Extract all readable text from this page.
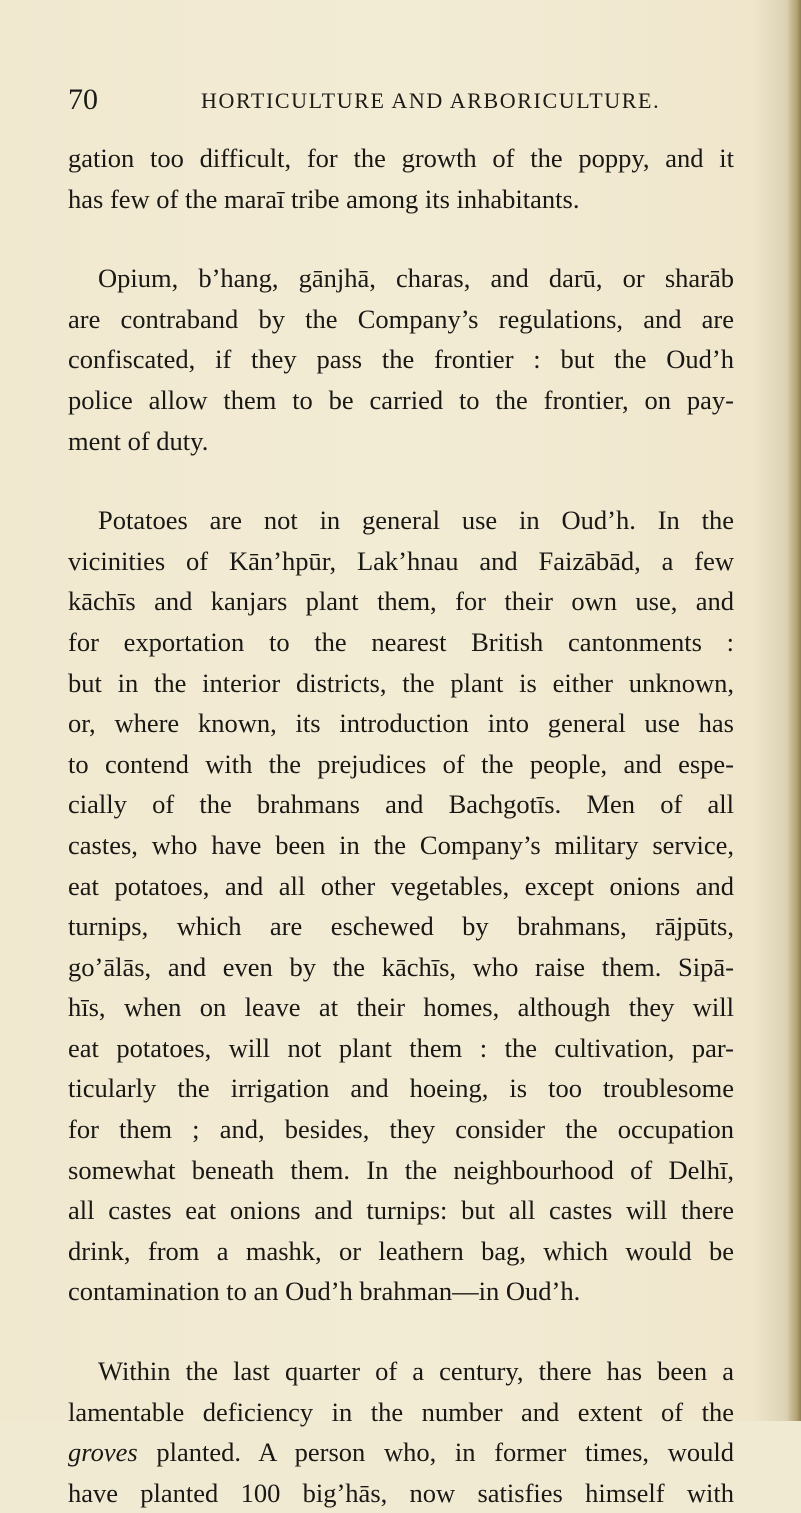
70	HORTICULTURE AND ARBORICULTURE.

gation too difficult, for the growth of the poppy, and it
has few of the maraī tribe among its inhabitants.

Opium, b’hang, gānjhā, charas, and darū, or sharāb
are contraband by the Company’s regulations, and are
confiscated, if they pass the frontier : but the Oud’h
police allow them to be carried to the frontier, on pay-
ment of duty.

Potatoes are not in general use in Oud’h. In the
vicinities of Kān’hpūr, Lak’hnau and Faizābād, a few
kāchīs and kanjars plant them, for their own use, and
for exportation to the nearest British cantonments :
but in the interior districts, the plant is either unknown,
or, where known, its introduction into general use has
to contend with the prejudices of the people, and espe-
cially of the brahmans and Bachgotīs. Men of all
castes, who have been in the Company’s military service,
eat potatoes, and all other vegetables, except onions and
turnips, which are eschewed by brahmans, rājpūts,
go’ālās, and even by the kāchīs, who raise them. Sipā-
hīs, when on leave at their homes, although they will
eat potatoes, will not plant them : the cultivation, par-
ticularly the irrigation and hoeing, is too troublesome
for them ; and, besides, they consider the occupation
somewhat beneath them. In the neighbourhood of Delhī,
all castes eat onions and turnips: but all castes will there
drink, from a mashk, or leathern bag, which would be
contamination to an Oud’h brahman—in Oud’h.

Within the last quarter of a century, there has been a
lamentable deficiency in the number and extent of the
groves planted. A person who, in former times, would
have planted 100 big’hās, now satisfies himself with
